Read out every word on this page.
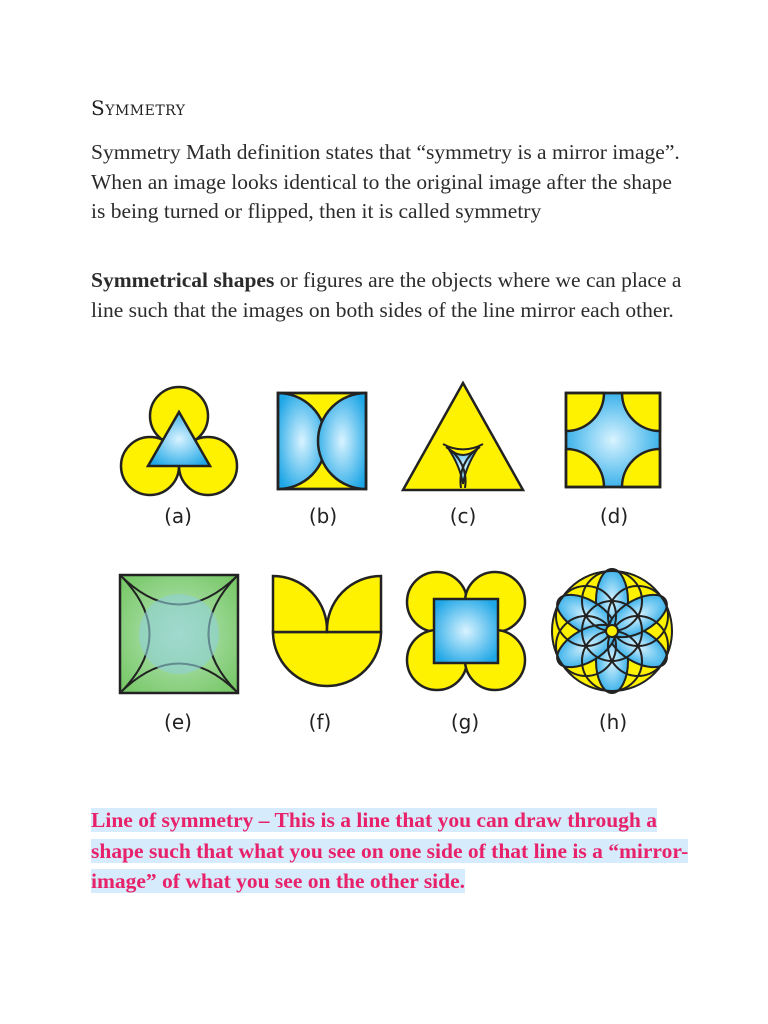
Symmetry
Symmetry Math definition states that “symmetry is a mirror image”. When an image looks identical to the original image after the shape is being turned or flipped, then it is called symmetry
Symmetrical shapes or figures are the objects where we can place a line such that the images on both sides of the line mirror each other.
(a)	(b)	(c)	(d)
(e)	(f)	(g)	(h)
Line of symmetry – This is a line that you can draw through a shape such that what you see on one side of that line is a “mirror-image” of what you see on the other side.
